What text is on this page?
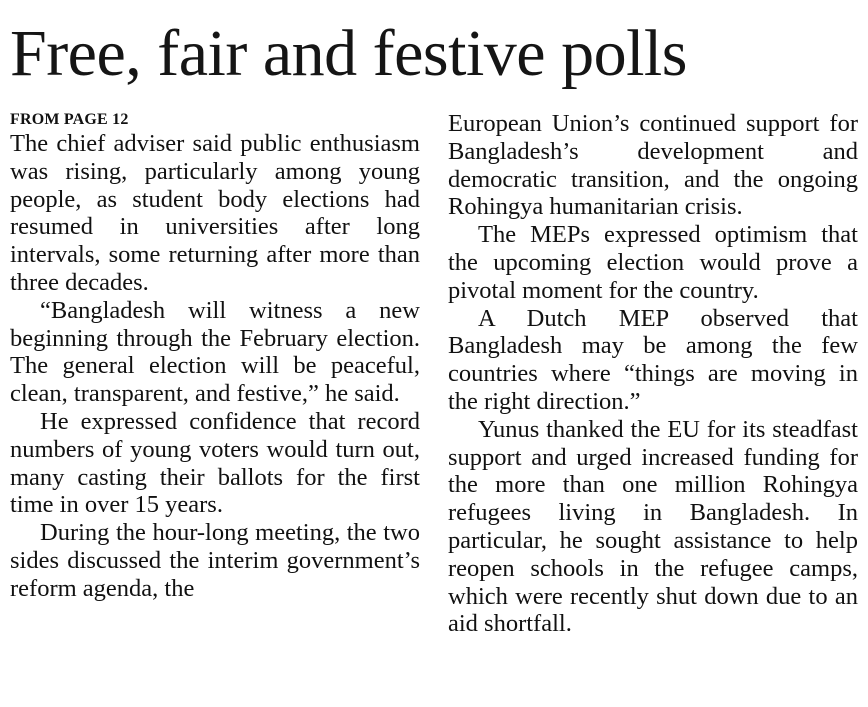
Free, fair and festive polls

FROM PAGE 12

The chief adviser said public enthusiasm was rising, particularly among young people, as student body elections had resumed in universities after long intervals, some returning after more than three decades.

“Bangladesh will witness a new beginning through the February election. The general election will be peaceful, clean, transparent, and festive,” he said.

He expressed confidence that record numbers of young voters would turn out, many casting their ballots for the first time in over 15 years.

During the hour-long meeting, the two sides discussed the interim government’s reform agenda, the

European Union’s continued support for Bangladesh’s development and democratic transition, and the ongoing Rohingya humanitarian crisis.

The MEPs expressed optimism that the upcoming election would prove a pivotal moment for the country.

A Dutch MEP observed that Bangladesh may be among the few countries where “things are moving in the right direction.”

Yunus thanked the EU for its steadfast support and urged increased funding for the more than one million Rohingya refugees living in Bangladesh. In particular, he sought assistance to help reopen schools in the refugee camps, which were recently shut down due to an aid shortfall.
